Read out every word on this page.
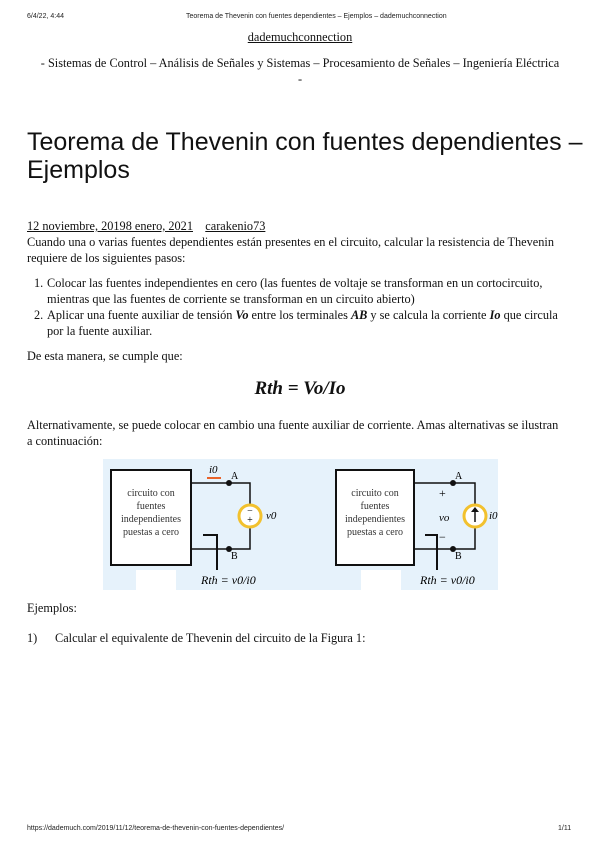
6/4/22, 4:44	Teorema de Thevenin con fuentes dependientes – Ejemplos – dademuchconnection
dademuchconnection
- Sistemas de Control – Análisis de Señales y Sistemas – Procesamiento de Señales – Ingeniería Eléctrica -
Teorema de Thevenin con fuentes dependientes – Ejemplos
12 noviembre, 20198 enero, 2021 carakenio73
Cuando una o varias fuentes dependientes están presentes en el circuito, calcular la resistencia de Thevenin requiere de los siguientes pasos:
1. Colocar las fuentes independientes en cero (las fuentes de voltaje se transforman en un cortocircuito, mientras que las fuentes de corriente se transforman en un circuito abierto)
2. Aplicar una fuente auxiliar de tensión Vo entre los terminales AB y se calcula la corriente Io que circula por la fuente auxiliar.
De esta manera, se cumple que:
Rth = Vo/Io
Alternativamente, se puede colocar en cambio una fuente auxiliar de corriente. Amas alternativas se ilustran a continuación:
circuito con
fuentes
independientes
puestas a cero
−
+
i0
A
B
v0
Rth = v0/i0
circuito con
fuentes
independientes
puestas a cero
A
B
+
−
vo	i0
Rth = v0/i0
Ejemplos:
1)	Calcular el equivalente de Thevenin del circuito de la Figura 1:
https://dademuch.com/2019/11/12/teorema-de-thevenin-con-fuentes-dependientes/	1/11
